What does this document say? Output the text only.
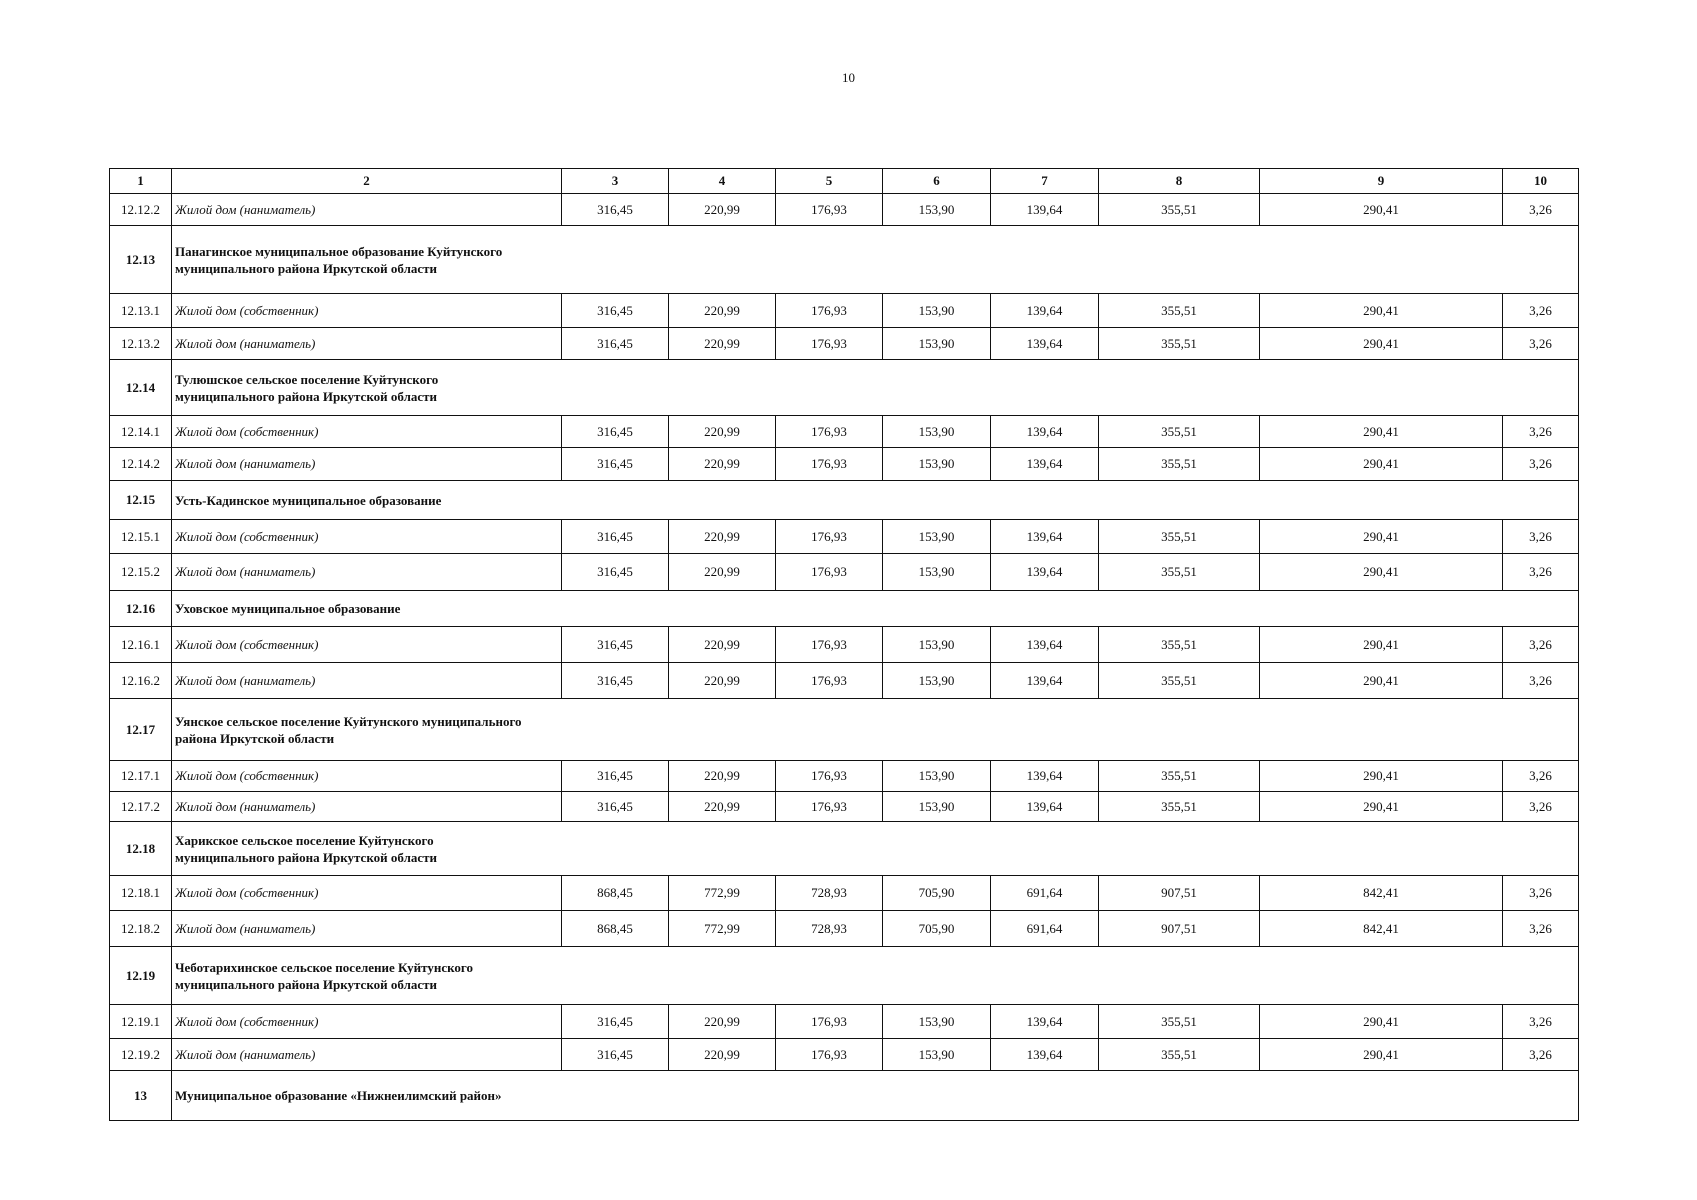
10
1	2	3	4	5	6	7	8	9	10
12.12.2	Жилой дом (наниматель)	316,45	220,99	176,93	153,90	139,64	355,51	290,41	3,26
12.13	Панагинское муниципальное образование Куйтунского
муниципального района Иркутской области								

12.13.1	Жилой дом (собственник)	316,45	220,99	176,93	153,90	139,64	355,51	290,41	3,26
12.13.2	Жилой дом (наниматель)	316,45	220,99	176,93	153,90	139,64	355,51	290,41	3,26
12.14	Тулюшское сельское поселение Куйтунского
муниципального района Иркутской области								

12.14.1	Жилой дом (собственник)	316,45	220,99	176,93	153,90	139,64	355,51	290,41	3,26
12.14.2	Жилой дом (наниматель)	316,45	220,99	176,93	153,90	139,64	355,51	290,41	3,26
12.15	Усть-Кадинское муниципальное образование								

12.15.1	Жилой дом (собственник)	316,45	220,99	176,93	153,90	139,64	355,51	290,41	3,26
12.15.2	Жилой дом (наниматель)	316,45	220,99	176,93	153,90	139,64	355,51	290,41	3,26
12.16	Уховское муниципальное образование								

12.16.1	Жилой дом (собственник)	316,45	220,99	176,93	153,90	139,64	355,51	290,41	3,26
12.16.2	Жилой дом (наниматель)	316,45	220,99	176,93	153,90	139,64	355,51	290,41	3,26
12.17	Уянское сельское поселение Куйтунского муниципального
района Иркутской области								

12.17.1	Жилой дом (собственник)	316,45	220,99	176,93	153,90	139,64	355,51	290,41	3,26
12.17.2	Жилой дом (наниматель)	316,45	220,99	176,93	153,90	139,64	355,51	290,41	3,26
12.18	Харикское сельское поселение Куйтунского
муниципального района Иркутской области								

12.18.1	Жилой дом (собственник)	868,45	772,99	728,93	705,90	691,64	907,51	842,41	3,26
12.18.2	Жилой дом (наниматель)	868,45	772,99	728,93	705,90	691,64	907,51	842,41	3,26
12.19	Чеботарихинское сельское поселение Куйтунского
муниципального района Иркутской области								

12.19.1	Жилой дом (собственник)	316,45	220,99	176,93	153,90	139,64	355,51	290,41	3,26
12.19.2	Жилой дом (наниматель)	316,45	220,99	176,93	153,90	139,64	355,51	290,41	3,26
13	Муниципальное образование «Нижнеилимский район»								
